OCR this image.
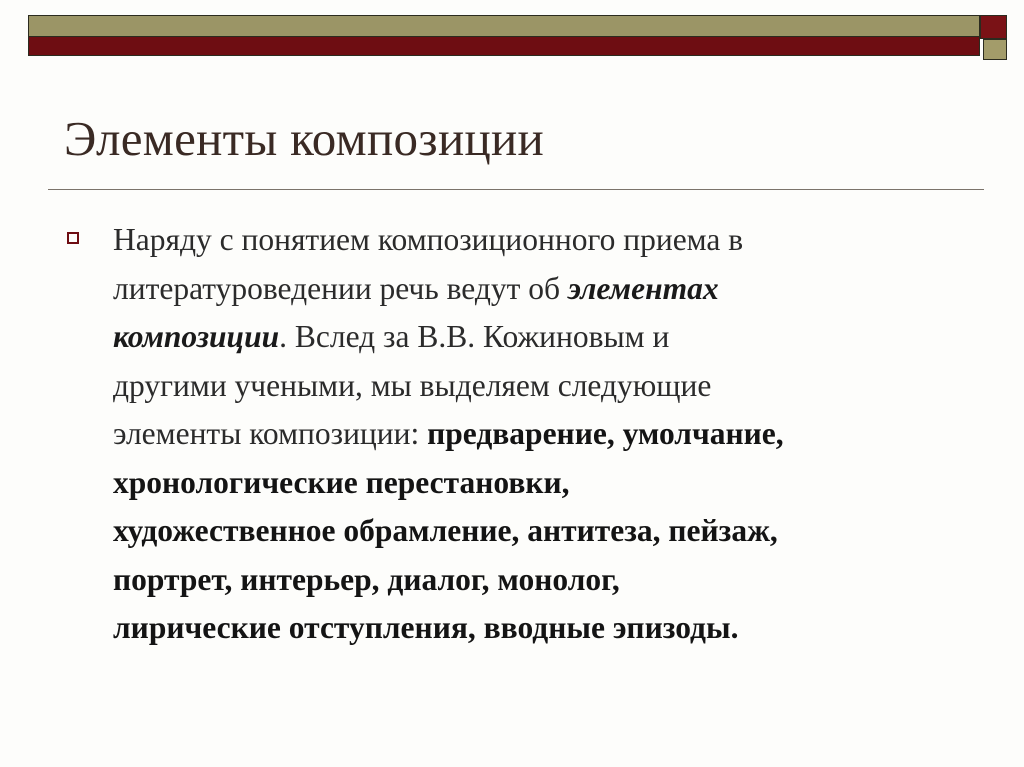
Элементы композиции
Наряду с понятием композиционного приема в
литературоведении речь ведут об элементах
композиции. Вслед за В.В. Кожиновым и
другими учеными, мы выделяем следующие
элементы композиции: предварение, умолчание,
хронологические перестановки,
художественное обрамление, антитеза, пейзаж,
портрет, интерьер, диалог, монолог,
лирические отступления, вводные эпизоды.
